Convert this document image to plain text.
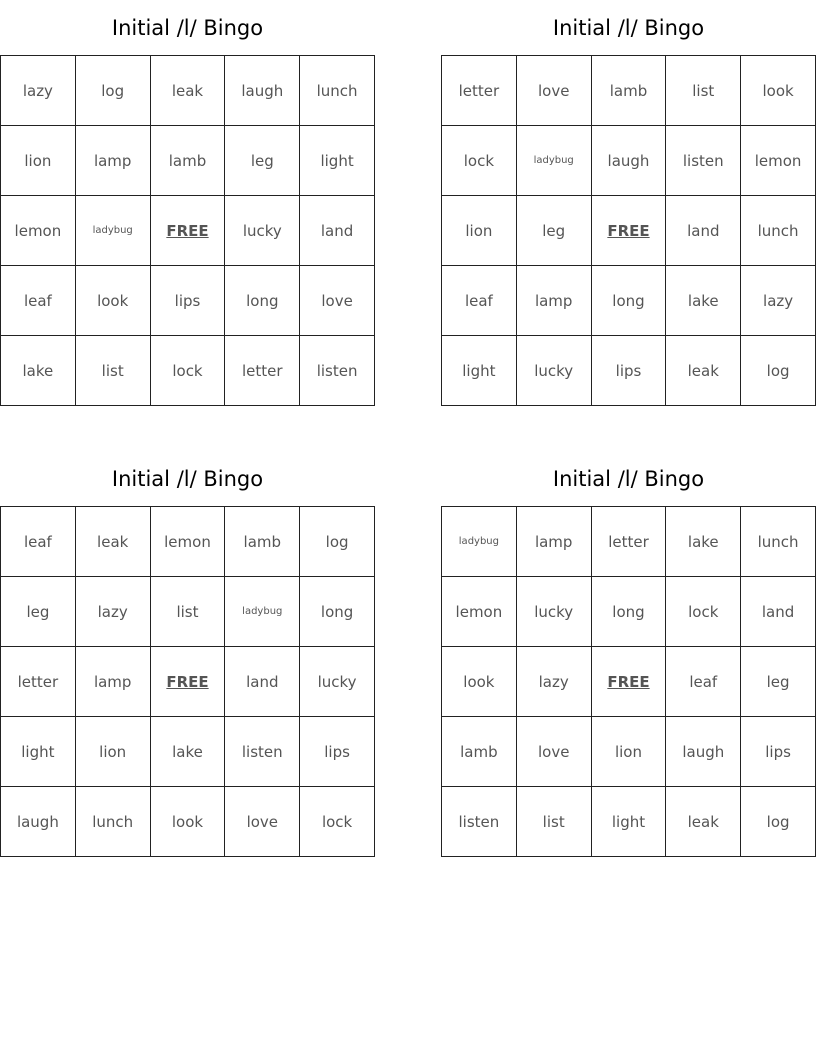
Initial /l/ Bingo
lazy	log	leak	laugh	lunch
lion	lamp	lamb	leg	light
lemon	ladybug	FREE	lucky	land
leaf	look	lips	long	love
lake	list	lock	letter	listen
Initial /l/ Bingo
letter	love	lamb	list	look
lock	ladybug	laugh	listen	lemon
lion	leg	FREE	land	lunch
leaf	lamp	long	lake	lazy
light	lucky	lips	leak	log
Initial /l/ Bingo
leaf	leak	lemon	lamb	log
leg	lazy	list	ladybug	long
letter	lamp	FREE	land	lucky
light	lion	lake	listen	lips
laugh	lunch	look	love	lock
Initial /l/ Bingo
ladybug	lamp	letter	lake	lunch
lemon	lucky	long	lock	land
look	lazy	FREE	leaf	leg
lamb	love	lion	laugh	lips
listen	list	light	leak	log
